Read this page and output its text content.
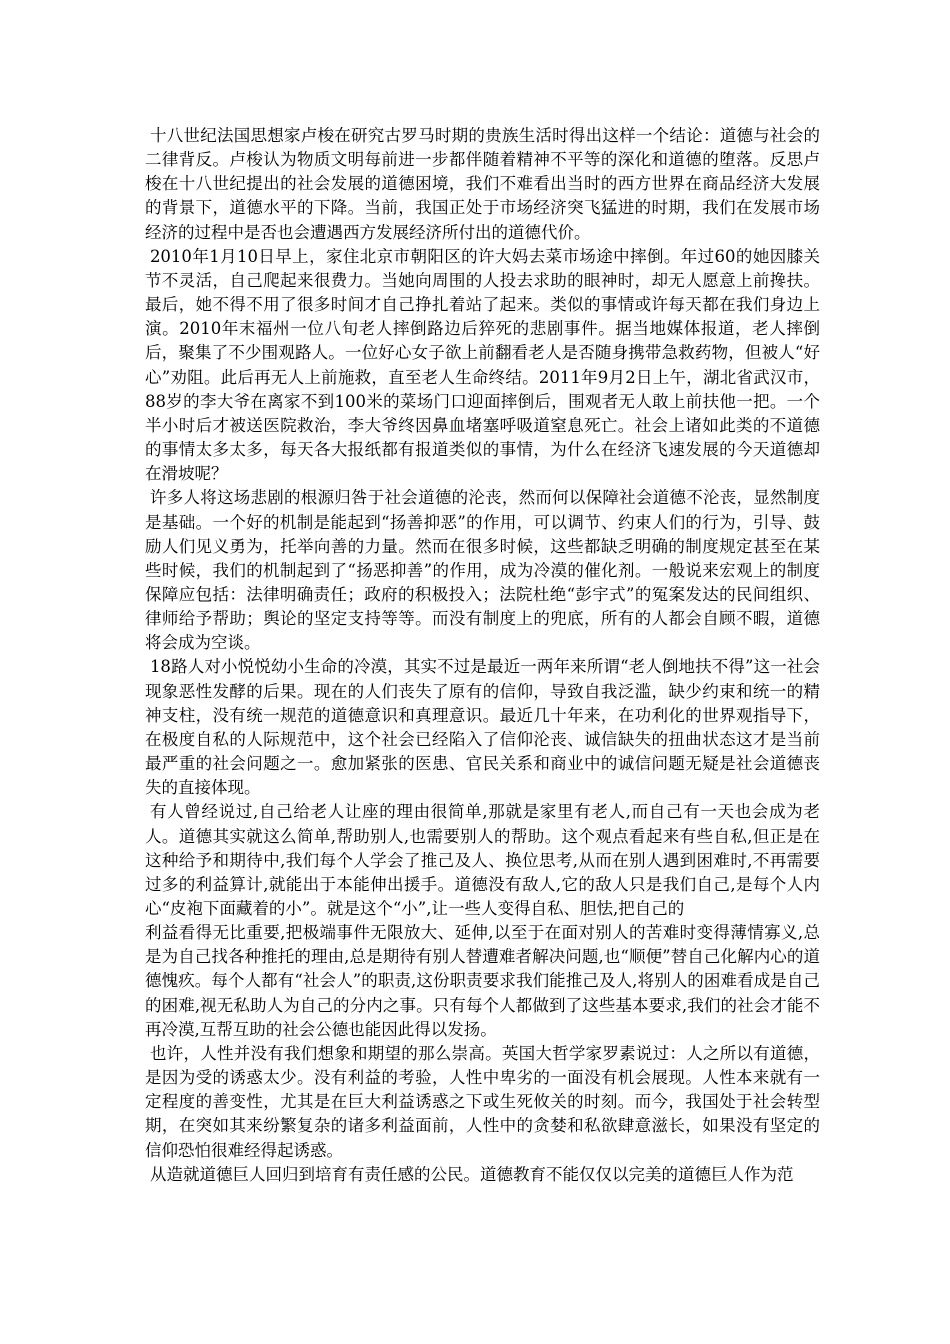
十八世纪法国思想家卢梭在研究古罗马时期的贵族生活时得出这样一个结论：道德与社会的二律背反。卢梭认为物质文明每前进一步都伴随着精神不平等的深化和道德的堕落。反思卢梭在十八世纪提出的社会发展的道德困境，我们不难看出当时的西方世界在商品经济大发展的背景下，道德水平的下降。当前，我国正处于市场经济突飞猛进的时期，我们在发展市场经济的过程中是否也会遭遇西方发展经济所付出的道德代价。

2010年1月10日早上，家住北京市朝阳区的许大妈去菜市场途中摔倒。年过60的她因膝关节不灵活，自己爬起来很费力。当她向周围的人投去求助的眼神时，却无人愿意上前搀扶。最后，她不得不用了很多时间才自己挣扎着站了起来。类似的事情或许每天都在我们身边上演。2010年末福州一位八旬老人摔倒路边后猝死的悲剧事件。据当地媒体报道，老人摔倒后，聚集了不少围观路人。一位好心女子欲上前翻看老人是否随身携带急救药物，但被人“好心”劝阻。此后再无人上前施救，直至老人生命终结。2011年9月2日上午，湖北省武汉市，88岁的李大爷在离家不到100米的菜场门口迎面摔倒后，围观者无人敢上前扶他一把。一个半小时后才被送医院救治，李大爷终因鼻血堵塞呼吸道窒息死亡。社会上诸如此类的不道德的事情太多太多，每天各大报纸都有报道类似的事情，为什么在经济飞速发展的今天道德却在滑坡呢？

许多人将这场悲剧的根源归咎于社会道德的沦丧，然而何以保障社会道德不沦丧，显然制度是基础。一个好的机制是能起到“扬善抑恶”的作用，可以调节、约束人们的行为，引导、鼓励人们见义勇为，托举向善的力量。然而在很多时候，这些都缺乏明确的制度规定甚至在某些时候，我们的机制起到了“扬恶抑善”的作用，成为冷漠的催化剂。一般说来宏观上的制度保障应包括：法律明确责任；政府的积极投入；法院杜绝“彭宇式”的冤案发达的民间组织、律师给予帮助；舆论的坚定支持等等。而没有制度上的兜底，所有的人都会自顾不暇，道德将会成为空谈。

18路人对小悦悦幼小生命的冷漠，其实不过是最近一两年来所谓“老人倒地扶不得”这一社会现象恶性发酵的后果。现在的人们丧失了原有的信仰，导致自我泛滥，缺少约束和统一的精神支柱，没有统一规范的道德意识和真理意识。最近几十年来，在功利化的世界观指导下，在极度自私的人际规范中，这个社会已经陷入了信仰沦丧、诚信缺失的扭曲状态这才是当前最严重的社会问题之一。愈加紧张的医患、官民关系和商业中的诚信问题无疑是社会道德丧失的直接体现。

有人曾经说过,自己给老人让座的理由很简单,那就是家里有老人,而自己有一天也会成为老人。道德其实就这么简单,帮助别人,也需要别人的帮助。这个观点看起来有些自私,但正是在这种给予和期待中,我们每个人学会了推己及人、换位思考,从而在别人遇到困难时,不再需要过多的利益算计,就能出于本能伸出援手。道德没有敌人,它的敌人只是我们自己,是每个人内心“皮袍下面藏着的小”。就是这个“小”,让一些人变得自私、胆怯,把自己的

利益看得无比重要,把极端事件无限放大、延伸,以至于在面对别人的苦难时变得薄情寡义,总是为自己找各种推托的理由,总是期待有别人替遭难者解决问题,也“顺便”替自己化解内心的道德愧疚。每个人都有“社会人”的职责,这份职责要求我们能推己及人,将别人的困难看成是自己的困难,视无私助人为自己的分内之事。只有每个人都做到了这些基本要求,我们的社会才能不再冷漠,互帮互助的社会公德也能因此得以发扬。

也许，人性并没有我们想象和期望的那么崇高。英国大哲学家罗素说过：人之所以有道德，是因为受的诱惑太少。没有利益的考验，人性中卑劣的一面没有机会展现。人性本来就有一定程度的善变性，尤其是在巨大利益诱惑之下或生死攸关的时刻。而今，我国处于社会转型期，在突如其来纷繁复杂的诸多利益面前，人性中的贪婪和私欲肆意滋长，如果没有坚定的信仰恐怕很难经得起诱惑。

从造就道德巨人回归到培育有责任感的公民。道德教育不能仅仅以完美的道德巨人作为范
